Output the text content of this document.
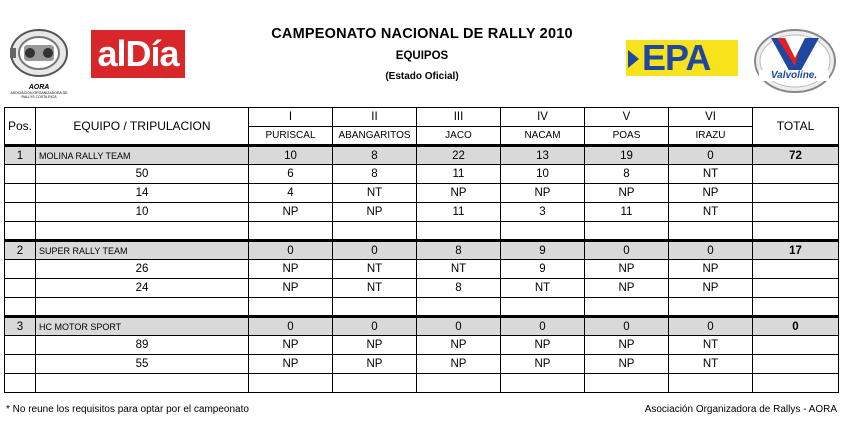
AORA
ASOCIACION ORGANIZADORA DE RALLYS COSTA RICA
alDía	CAMPEONATO NACIONAL DE RALLY 2010
EQUIPOS
(Estado Oficial)	EPA	Valvoline.
Pos.	EQUIPO / TRIPULACION	I	II	III	IV	V	VI	TOTAL
		PURISCAL	ABANGARITOS	JACO	NACAM	POAS	IRAZU	
1	MOLINA RALLY TEAM	10	8	22	13	19	0	72
	50	6	8	11	10	8	NT	
	14	4	NT	NP	NP	NP	NP	
	10	NP	NP	11	3	11	NT	

2	SUPER RALLY TEAM	0	0	8	9	0	0	17
	26	NP	NT	NT	9	NP	NP	
	24	NP	NT	8	NT	NP	NP	

3	HC MOTOR SPORT	0	0	0	0	0	0	0
	89	NP	NP	NP	NP	NP	NT	
	55	NP	NP	NP	NP	NP	NT	

* No reune los requisitos para optar por el campeonato	Asociación Organizadora de Rallys - AORA
